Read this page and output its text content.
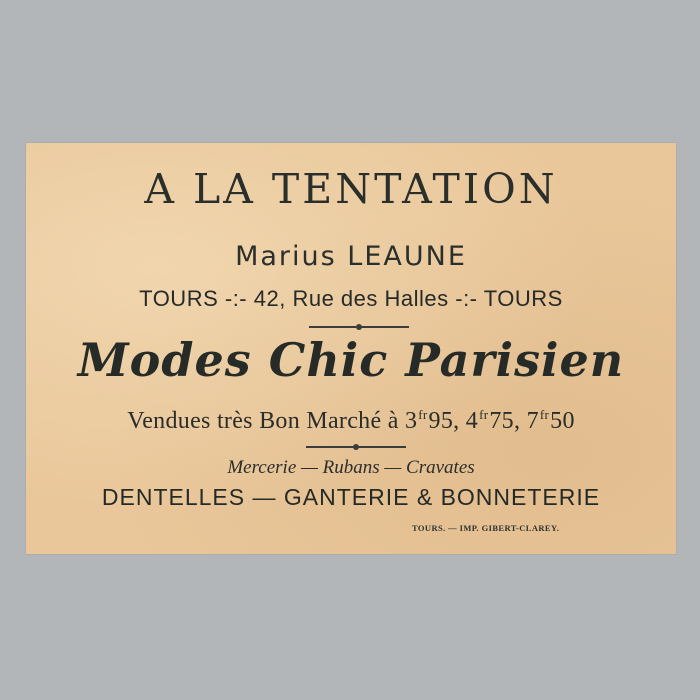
A LA TENTATION
Marius LEAUNE
TOURS -:- 42, Rue des Halles -:- TOURS
Modes Chic Parisien
Vendues très Bon Marché à $3^{fr}95$, $4^{fr}75$, $7^{fr}50$
Mercerie — Rubans — Cravates
DENTELLES — GANTERIE & BONNETERIE
TOURS. — IMP. GIBERT-CLAREY.
